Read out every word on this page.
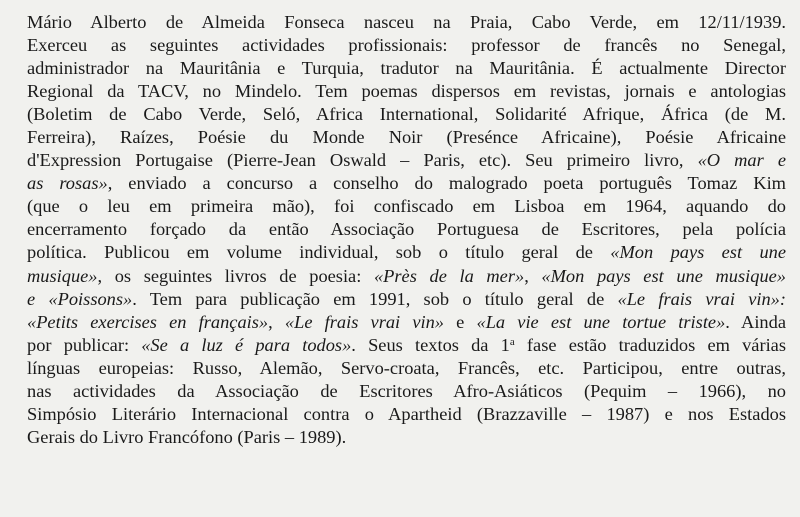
Mário Alberto de Almeida Fonseca nasceu na Praia, Cabo Verde, em 12/11/1939.
Exerceu as seguintes actividades profissionais: professor de francês no Senegal,
administrador na Mauritânia e Turquia, tradutor na Mauritânia. É actualmente Director
Regional da TACV, no Mindelo. Tem poemas dispersos em revistas, jornais e antologias
(Boletim de Cabo Verde, Seló, Africa International, Solidarité Afrique, África (de M.
Ferreira), Raízes, Poésie du Monde Noir (Presénce Africaine), Poésie Africaine
d'Expression Portugaise (Pierre-Jean Oswald – Paris, etc). Seu primeiro livro, «O mar e
as rosas», enviado a concurso a conselho do malogrado poeta português Tomaz Kim
(que o leu em primeira mão), foi confiscado em Lisboa em 1964, aquando do
encerramento forçado da então Associação Portuguesa de Escritores, pela polícia
política. Publicou em volume individual, sob o título geral de «Mon pays est une
musique», os seguintes livros de poesia: «Près de la mer», «Mon pays est une musique»
e «Poissons». Tem para publicação em 1991, sob o título geral de «Le frais vrai vin»:
«Petits exercises en français», «Le frais vrai vin» e «La vie est une tortue triste». Ainda
por publicar: «Se a luz é para todos». Seus textos da 1$^a$ fase estão traduzidos em várias
línguas europeias: Russo, Alemão, Servo-croata, Francês, etc. Participou, entre outras,
nas actividades da Associação de Escritores Afro-Asiáticos (Pequim – 1966), no
Simpósio Literário Internacional contra o Apartheid (Brazzaville – 1987) e nos Estados
Gerais do Livro Francófono (Paris – 1989).
